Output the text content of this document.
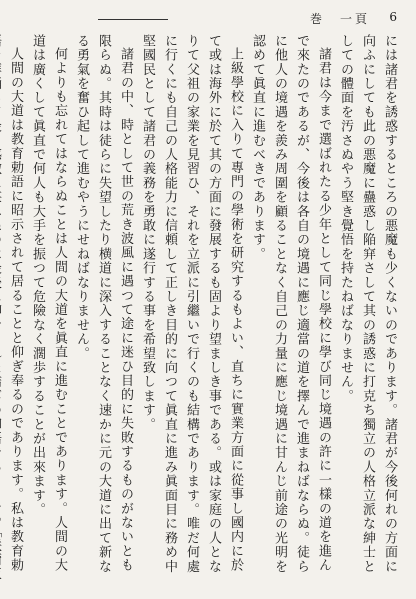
6
巻　一頁

には諸君を誘惑するところの悪魔も少くないのであります。諸君が今後何れの方面に向ふにしても此の悪魔に蠱惑し陥穽さして其の誘惑に打克ち獨立の人格立派な紳士としての體面を汚さぬやう堅き覺悟を持たねばなりません。

諸君は今まで選ばれたる少年として同じ學校に學び同じ境遇の許に一樣の道を進んで來たのであるが、今後は各自の境遇に應じ適當の道を擇んで進まねばならぬ。徒らに他人の境遇を羨み周圍を顧ることなく自己の力量に應じ境遇に甘んじ前途の光明を認めて眞直に進むべきであります。

上級學校に入りて專門の學術を研究するもよい、直ちに實業方面に從事し國内に於て或は海外に於て其の方面に發展するも固より望ましき事である。或は家庭の人となりて父祖の家業を見習ひ、それを立派に引繼いで行くのも結構であります。唯だ何處に行くにも自己の人格能力に信頼して正しき目的に向つて眞直に進み眞面目に務め中堅國民として諸君の義務を勇敢に遂行する事を希望致します。

諸君の中、時として世の荒き波風に遇つて途に迷ひ目的に失敗するものがないとも限らぬ。其時は徒らに失望したり横道に深入することなく速かに元の大道に出て新なる勇氣を奮ひ起して進むやうにせねばなりません。

何よりも忘れてはならぬことは人間の大道を眞直に進むことであります。人間の大道は廣くして眞直で何人も大手を振つて危險なく濶歩することが出來ます。

人間の大道は教育勅語に昭示されて居ることと仰ぎ奉るのであります。私は教育勅
